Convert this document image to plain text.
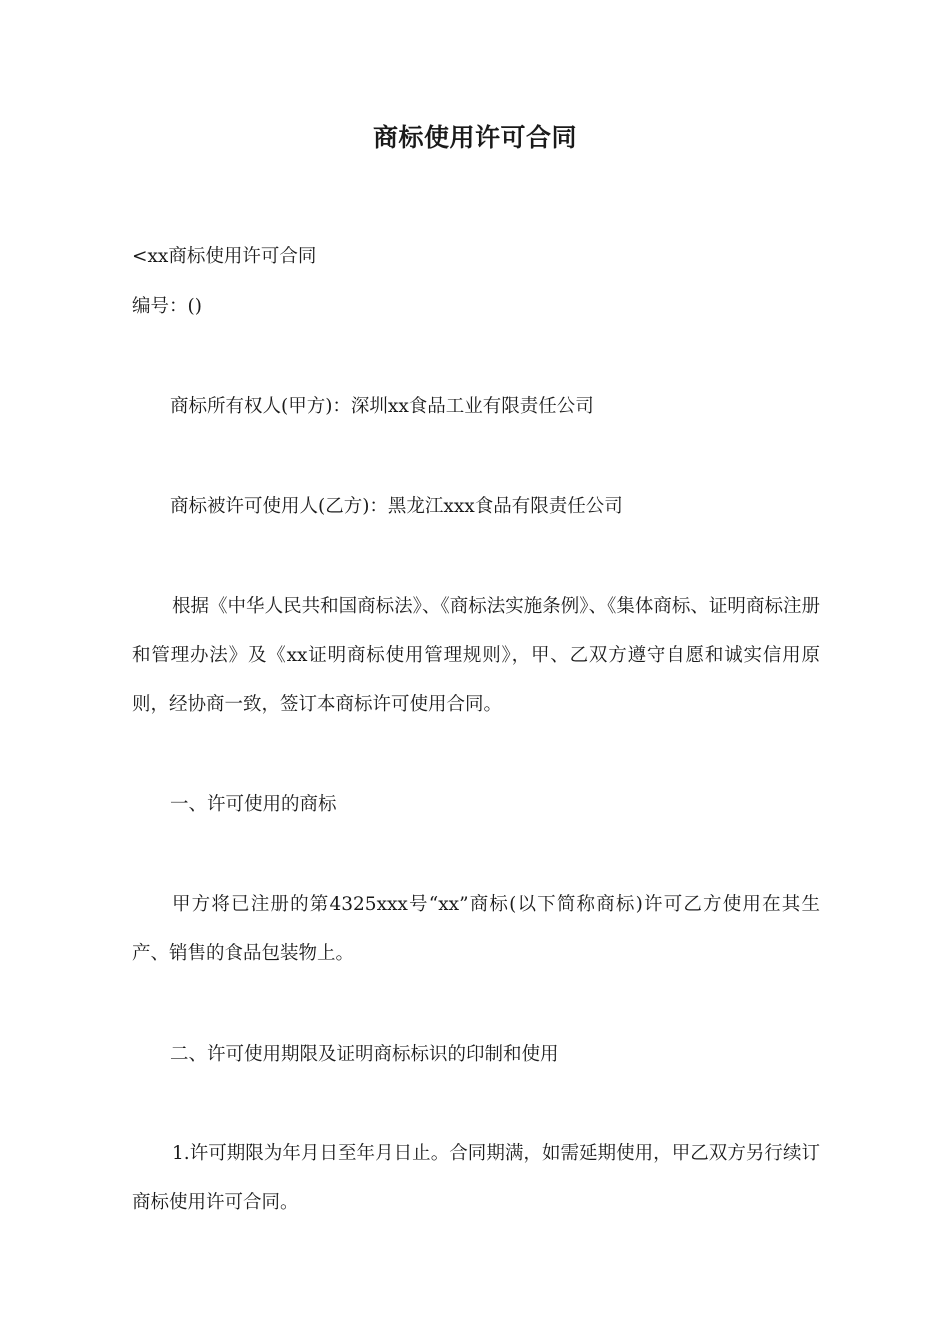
商标使用许可合同

<xx商标使用许可合同

编号：()

商标所有权人(甲方)：深圳xx食品工业有限责任公司

商标被许可使用人(乙方)：黑龙江xxx食品有限责任公司

根据《中华人民共和国商标法》、《商标法实施条例》、《集体商标、证明商标注册和管理办法》及《xx证明商标使用管理规则》，甲、乙双方遵守自愿和诚实信用原则，经协商一致，签订本商标许可使用合同。

一、许可使用的商标

甲方将已注册的第4325xxx号“xx”商标(以下简称商标)许可乙方使用在其生产、销售的食品包装物上。

二、许可使用期限及证明商标标识的印制和使用

1.许可期限为年月日至年月日止。合同期满，如需延期使用，甲乙双方另行续订商标使用许可合同。
